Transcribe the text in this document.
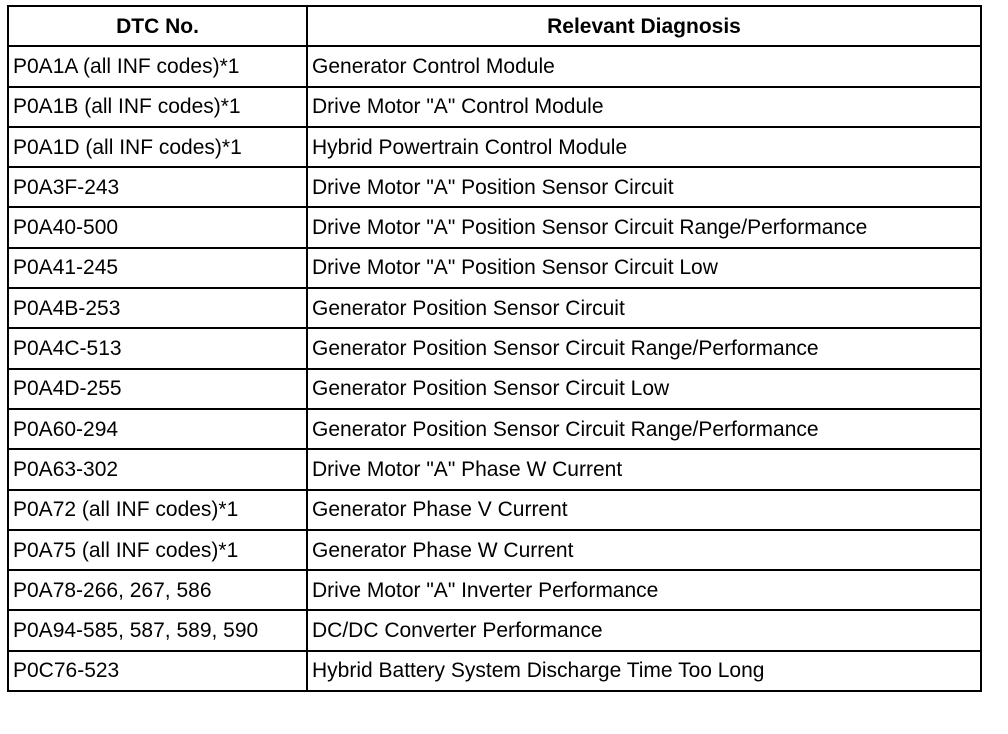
DTC No.	Relevant Diagnosis
P0A1A (all INF codes)*1	Generator Control Module
P0A1B (all INF codes)*1	Drive Motor "A" Control Module
P0A1D (all INF codes)*1	Hybrid Powertrain Control Module
P0A3F-243	Drive Motor "A" Position Sensor Circuit
P0A40-500	Drive Motor "A" Position Sensor Circuit Range/Performance
P0A41-245	Drive Motor "A" Position Sensor Circuit Low
P0A4B-253	Generator Position Sensor Circuit
P0A4C-513	Generator Position Sensor Circuit Range/Performance
P0A4D-255	Generator Position Sensor Circuit Low
P0A60-294	Generator Position Sensor Circuit Range/Performance
P0A63-302	Drive Motor "A" Phase W Current
P0A72 (all INF codes)*1	Generator Phase V Current
P0A75 (all INF codes)*1	Generator Phase W Current
P0A78-266, 267, 586	Drive Motor "A" Inverter Performance
P0A94-585, 587, 589, 590	DC/DC Converter Performance
P0C76-523	Hybrid Battery System Discharge Time Too Long
